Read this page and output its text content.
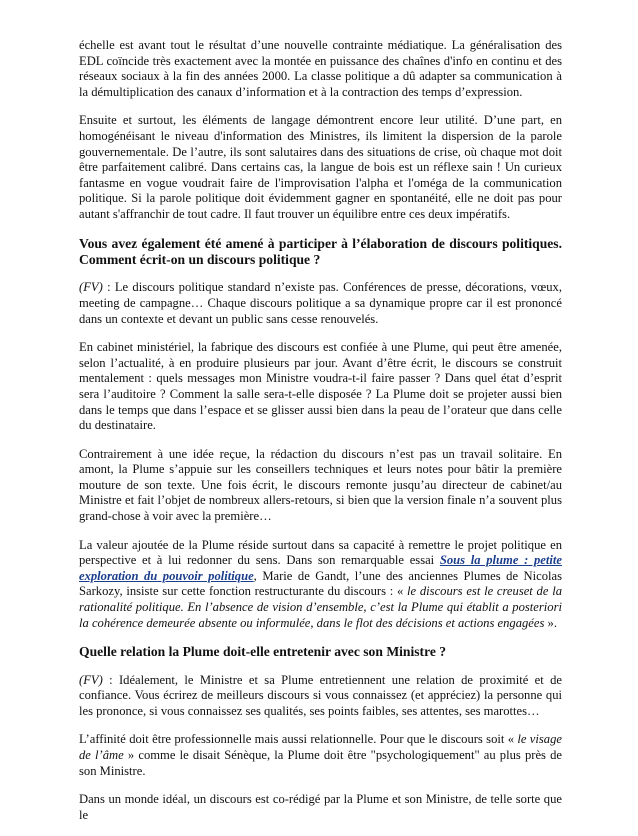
échelle est avant tout le résultat d’une nouvelle contrainte médiatique. La généralisation des EDL coïncide très exactement avec la montée en puissance des chaînes d'info en continu et des réseaux sociaux à la fin des années 2000. La classe politique a dû adapter sa communication à la démultiplication des canaux d’information et à la contraction des temps d’expression.

Ensuite et surtout, les éléments de langage démontrent encore leur utilité. D’une part, en homogénéisant le niveau d'information des Ministres, ils limitent la dispersion de la parole gouvernementale. De l’autre, ils sont salutaires dans des situations de crise, où chaque mot doit être parfaitement calibré. Dans certains cas, la langue de bois est un réflexe sain ! Un curieux fantasme en vogue voudrait faire de l'improvisation l'alpha et l'oméga de la communication politique. Si la parole politique doit évidemment gagner en spontanéité, elle ne doit pas pour autant s'affranchir de tout cadre. Il faut trouver un équilibre entre ces deux impératifs.

Vous avez également été amené à participer à l’élaboration de discours politiques. Comment écrit-on un discours politique ?

(FV) : Le discours politique standard n’existe pas. Conférences de presse, décorations, vœux, meeting de campagne… Chaque discours politique a sa dynamique propre car il est prononcé dans un contexte et devant un public sans cesse renouvelés.

En cabinet ministériel, la fabrique des discours est confiée à une Plume, qui peut être amenée, selon l’actualité, à en produire plusieurs par jour. Avant d’être écrit, le discours se construit mentalement : quels messages mon Ministre voudra-t-il faire passer ? Dans quel état d’esprit sera l’auditoire ? Comment la salle sera-t-elle disposée ? La Plume doit se projeter aussi bien dans le temps que dans l’espace et se glisser aussi bien dans la peau de l’orateur que dans celle du destinataire.

Contrairement à une idée reçue, la rédaction du discours n’est pas un travail solitaire. En amont, la Plume s’appuie sur les conseillers techniques et leurs notes pour bâtir la première mouture de son texte. Une fois écrit, le discours remonte jusqu’au directeur de cabinet/au Ministre et fait l’objet de nombreux allers-retours, si bien que la version finale n’a souvent plus grand-chose à voir avec la première…

La valeur ajoutée de la Plume réside surtout dans sa capacité à remettre le projet politique en perspective et à lui redonner du sens. Dans son remarquable essai Sous la plume : petite exploration du pouvoir politique, Marie de Gandt, l’une des anciennes Plumes de Nicolas Sarkozy, insiste sur cette fonction restructurante du discours : « le discours est le creuset de la rationalité politique. En l’absence de vision d’ensemble, c’est la Plume qui établit a posteriori la cohérence demeurée absente ou informulée, dans le flot des décisions et actions engagées ».

Quelle relation la Plume doit-elle entretenir avec son Ministre ?

(FV) : Idéalement, le Ministre et sa Plume entretiennent une relation de proximité et de confiance. Vous écrirez de meilleurs discours si vous connaissez (et appréciez) la personne qui les prononce, si vous connaissez ses qualités, ses points faibles, ses attentes, ses marottes…

L’affinité doit être professionnelle mais aussi relationnelle. Pour que le discours soit « le visage de l’âme » comme le disait Sénèque, la Plume doit être "psychologiquement" au plus près de son Ministre.

Dans un monde idéal, un discours est co-rédigé par la Plume et son Ministre, de telle sorte que le
